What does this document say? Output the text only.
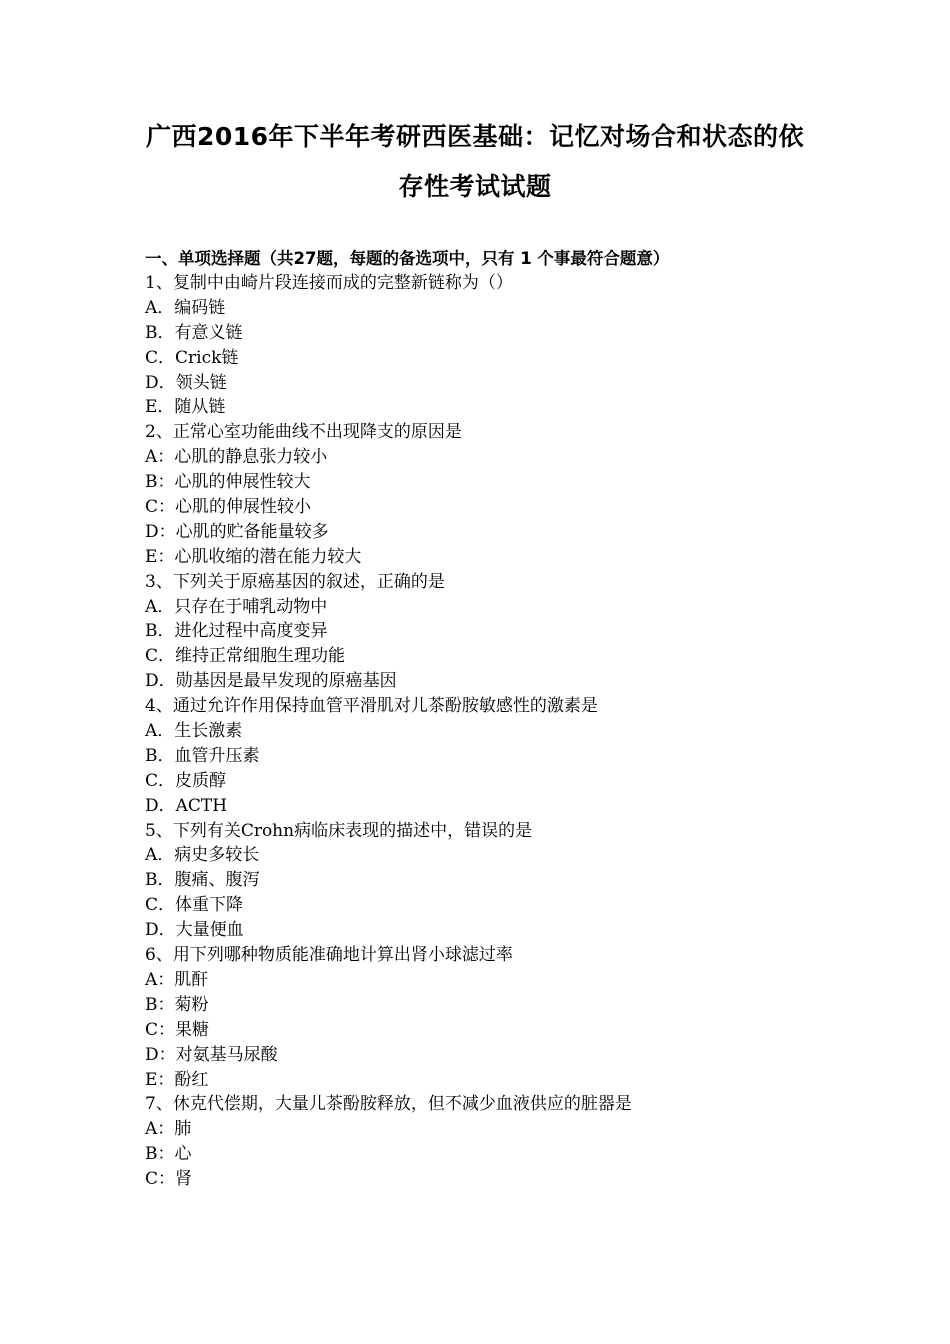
广西2016年下半年考研西医基础：记忆对场合和状态的依
存性考试试题
一、单项选择题（共27题，每题的备选项中，只有 1 个事最符合题意）
1、复制中由崎片段连接而成的完整新链称为（）
A．编码链
B．有意义链
C．Crick链
D．领头链
E．随从链
2、正常心室功能曲线不出现降支的原因是
A：心肌的静息张力较小
B：心肌的伸展性较大
C：心肌的伸展性较小
D：心肌的贮备能量较多
E：心肌收缩的潜在能力较大
3、下列关于原癌基因的叙述，正确的是
A．只存在于哺乳动物中
B．进化过程中高度变异
C．维持正常细胞生理功能
D．勋基因是最早发现的原癌基因
4、通过允许作用保持血管平滑肌对儿茶酚胺敏感性的激素是
A．生长激素
B．血管升压素
C．皮质醇
D．ACTH
5、下列有关Crohn病临床表现的描述中，错误的是
A．病史多较长
B．腹痛、腹泻
C．体重下降
D．大量便血
6、用下列哪种物质能准确地计算出肾小球滤过率
A：肌酐
B：菊粉
C：果糖
D：对氨基马尿酸
E：酚红
7、休克代偿期，大量儿茶酚胺释放，但不减少血液供应的脏器是
A：肺
B：心
C：肾
